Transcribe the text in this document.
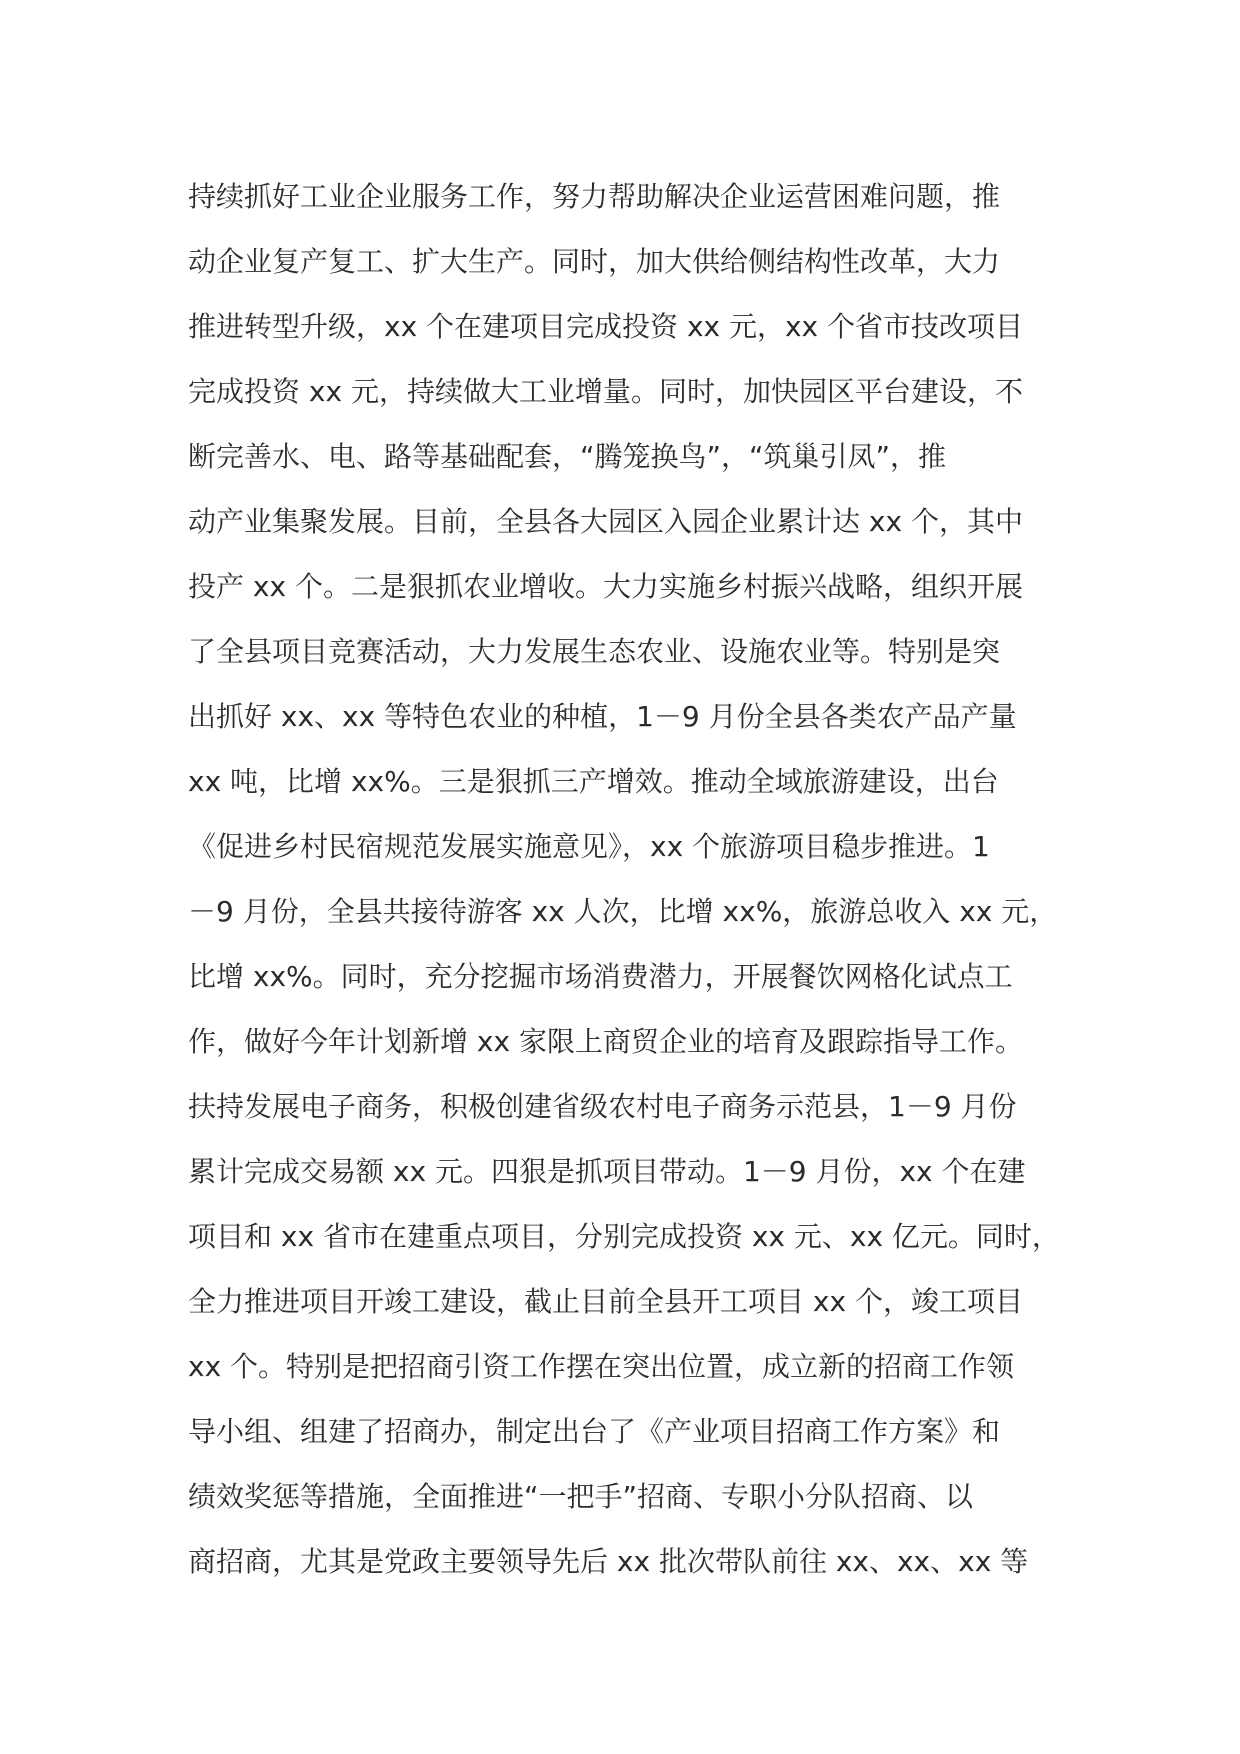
持续抓好工业企业服务工作，努力帮助解决企业运营困难问题，推
动企业复产复工、扩大生产。同时，加大供给侧结构性改革，大力
推进转型升级，xx 个在建项目完成投资 xx 元，xx 个省市技改项目
完成投资 xx 元，持续做大工业增量。同时，加快园区平台建设，不
断完善水、电、路等基础配套，“腾笼换鸟”，“筑巢引凤”，推
动产业集聚发展。目前，全县各大园区入园企业累计达 xx 个，其中
投产 xx 个。二是狠抓农业增收。大力实施乡村振兴战略，组织开展
了全县项目竞赛活动，大力发展生态农业、设施农业等。特别是突
出抓好 xx、xx 等特色农业的种植，1－9 月份全县各类农产品产量
xx 吨，比增 xx%。三是狠抓三产增效。推动全域旅游建设，出台
《促进乡村民宿规范发展实施意见》，xx 个旅游项目稳步推进。1
－9 月份，全县共接待游客 xx 人次，比增 xx%，旅游总收入 xx 元，
比增 xx%。同时，充分挖掘市场消费潜力，开展餐饮网格化试点工
作，做好今年计划新增 xx 家限上商贸企业的培育及跟踪指导工作。
扶持发展电子商务，积极创建省级农村电子商务示范县，1－9 月份
累计完成交易额 xx 元。四狠是抓项目带动。1－9 月份，xx 个在建
项目和 xx 省市在建重点项目，分别完成投资 xx 元、xx 亿元。同时，
全力推进项目开竣工建设，截止目前全县开工项目 xx 个，竣工项目
xx 个。特别是把招商引资工作摆在突出位置，成立新的招商工作领
导小组、组建了招商办，制定出台了《产业项目招商工作方案》和
绩效奖惩等措施，全面推进“一把手”招商、专职小分队招商、以
商招商，尤其是党政主要领导先后 xx 批次带队前往 xx、xx、xx 等
